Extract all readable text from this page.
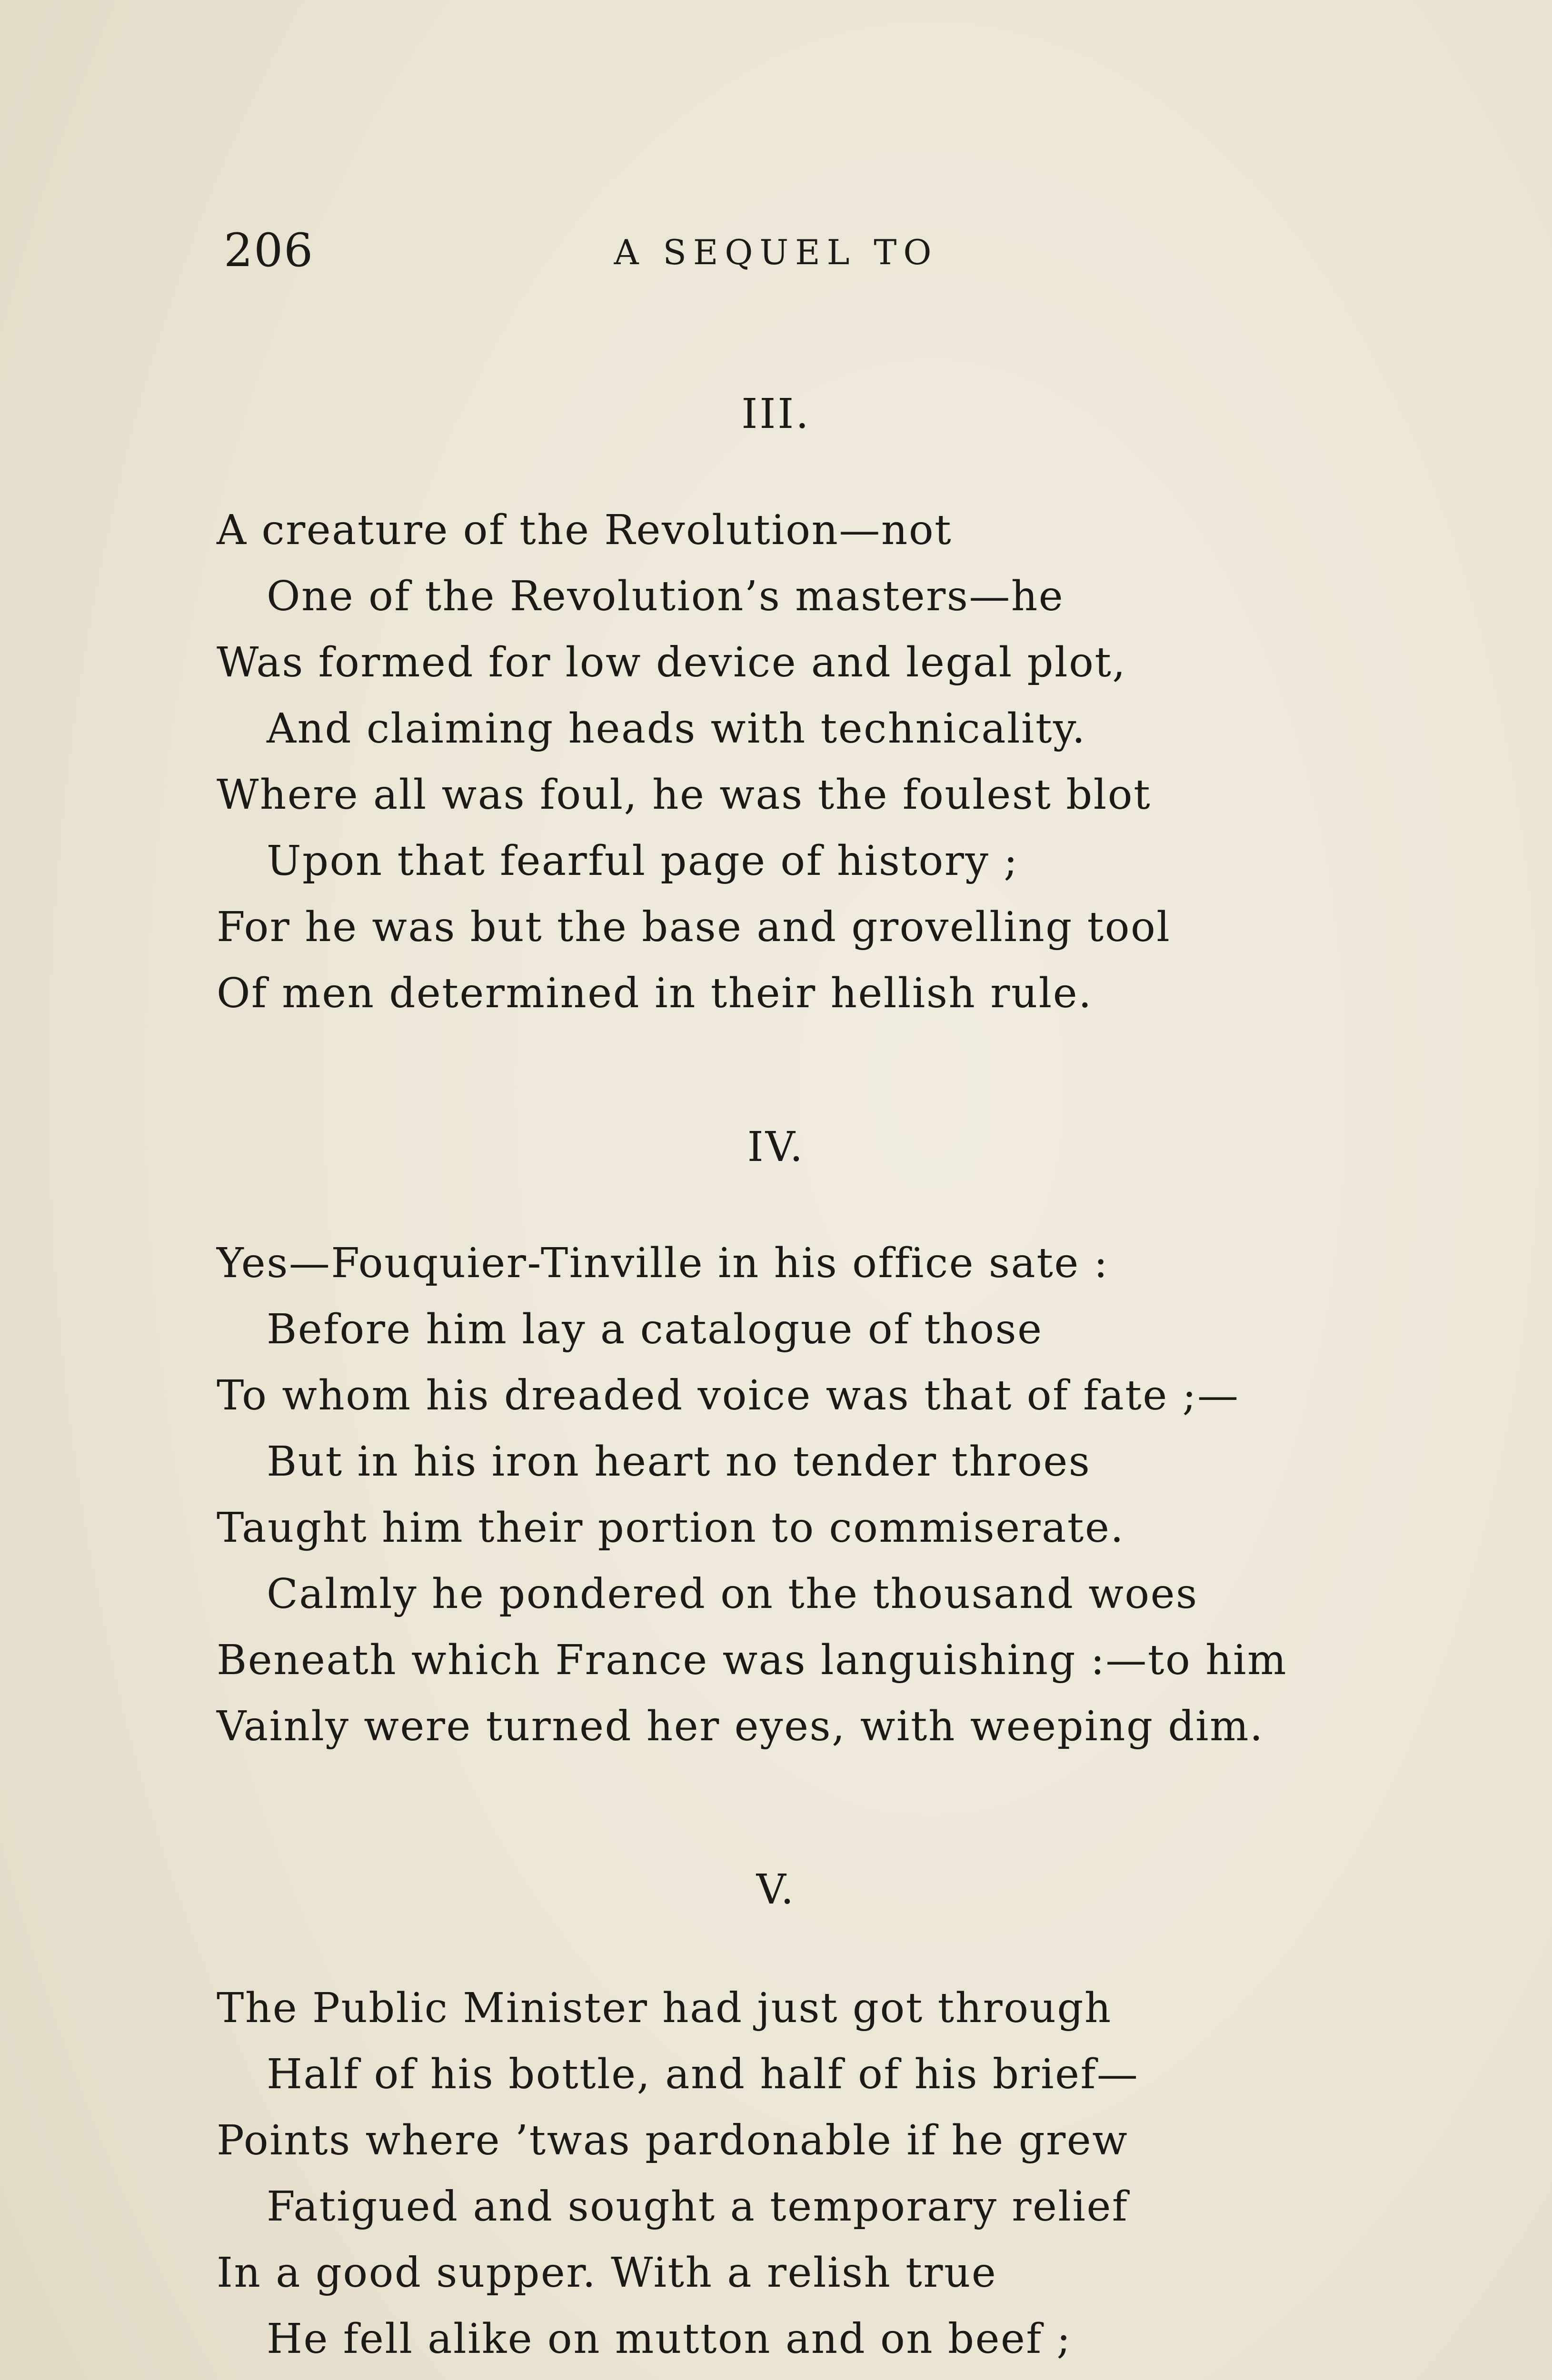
206	A SEQUEL TO
III.
A creature of the Revolution—not
One of the Revolution’s masters—he
Was formed for low device and legal plot,
And claiming heads with technicality.
Where all was foul, he was the foulest blot
Upon that fearful page of history ;
For he was but the base and grovelling tool
Of men determined in their hellish rule.
IV.
Yes—Fouquier-Tinville in his office sate :
Before him lay a catalogue of those
To whom his dreaded voice was that of fate ;—
But in his iron heart no tender throes
Taught him their portion to commiserate.
Calmly he pondered on the thousand woes
Beneath which France was languishing :—to him
Vainly were turned her eyes, with weeping dim.
V.
The Public Minister had just got through
Half of his bottle, and half of his brief—
Points where ’twas pardonable if he grew
Fatigued and sought a temporary relief
In a good supper. With a relish true
He fell alike on mutton and on beef ;
